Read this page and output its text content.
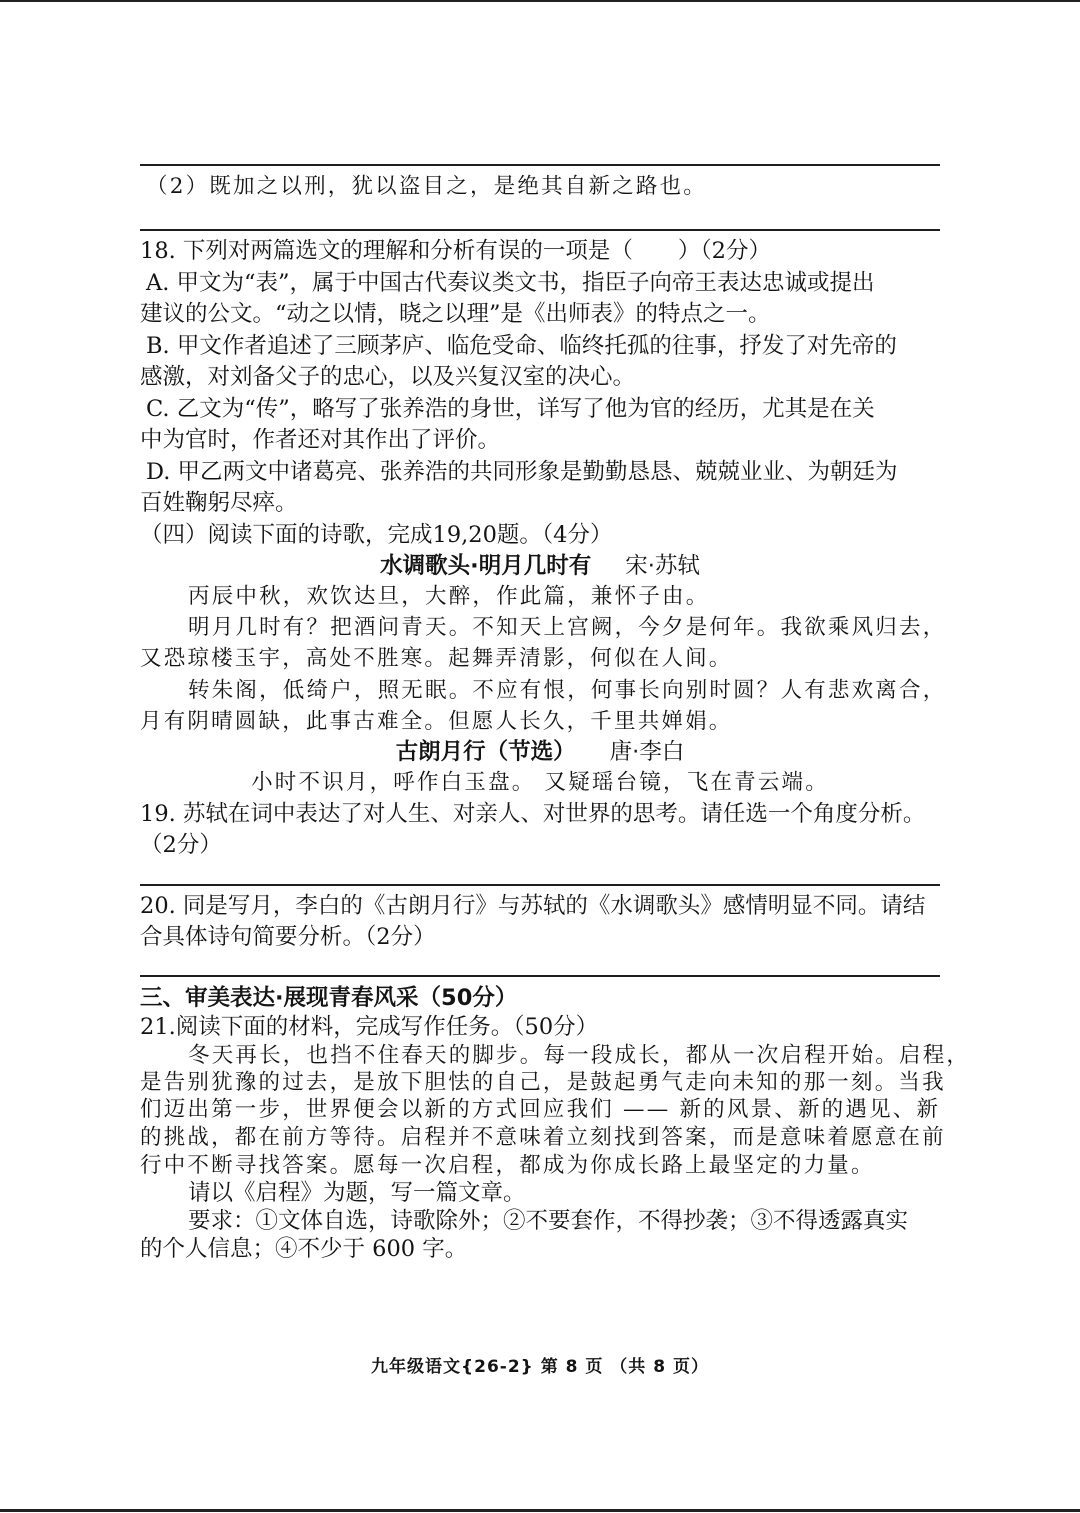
（2）既加之以刑，犹以盗目之，是绝其自新之路也。
18. 下列对两篇选文的理解和分析有误的一项是（　　）（2分）
A. 甲文为“表”，属于中国古代奏议类文书，指臣子向帝王表达忠诚或提出
建议的公文。“动之以情，晓之以理”是《出师表》的特点之一。
B. 甲文作者追述了三顾茅庐、临危受命、临终托孤的往事，抒发了对先帝的
感激，对刘备父子的忠心，以及兴复汉室的决心。
C. 乙文为“传”，略写了张养浩的身世，详写了他为官的经历，尤其是在关
中为官时，作者还对其作出了评价。
D. 甲乙两文中诸葛亮、张养浩的共同形象是勤勤恳恳、兢兢业业、为朝廷为
百姓鞠躬尽瘁。
（四）阅读下面的诗歌，完成19,20题。（4分）
水调歌头·明月几时有 宋·苏轼
丙辰中秋，欢饮达旦，大醉，作此篇，兼怀子由。
明月几时有？把酒问青天。不知天上宫阙，今夕是何年。我欲乘风归去，
又恐琼楼玉宇，高处不胜寒。起舞弄清影，何似在人间。
转朱阁，低绮户，照无眠。不应有恨，何事长向别时圆？人有悲欢离合，
月有阴晴圆缺，此事古难全。但愿人长久，千里共婵娟。
古朗月行（节选） 唐·李白
小时不识月，呼作白玉盘。 又疑瑶台镜，飞在青云端。
19. 苏轼在词中表达了对人生、对亲人、对世界的思考。请任选一个角度分析。
（2分）
20. 同是写月，李白的《古朗月行》与苏轼的《水调歌头》感情明显不同。请结
合具体诗句简要分析。（2分）
三、审美表达·展现青春风采（50分）
21.阅读下面的材料，完成写作任务。（50分）
冬天再长，也挡不住春天的脚步。每一段成长，都从一次启程开始。启程，
是告别犹豫的过去，是放下胆怯的自己，是鼓起勇气走向未知的那一刻。当我
们迈出第一步，世界便会以新的方式回应我们 —— 新的风景、新的遇见、新
的挑战，都在前方等待。启程并不意味着立刻找到答案，而是意味着愿意在前
行中不断寻找答案。愿每一次启程，都成为你成长路上最坚定的力量。
请以《启程》为题，写一篇文章。
要求：①文体自选，诗歌除外；②不要套作，不得抄袭；③不得透露真实
的个人信息；④不少于 600 字。
九年级语文{26-2} 第 8 页 （共 8 页）
